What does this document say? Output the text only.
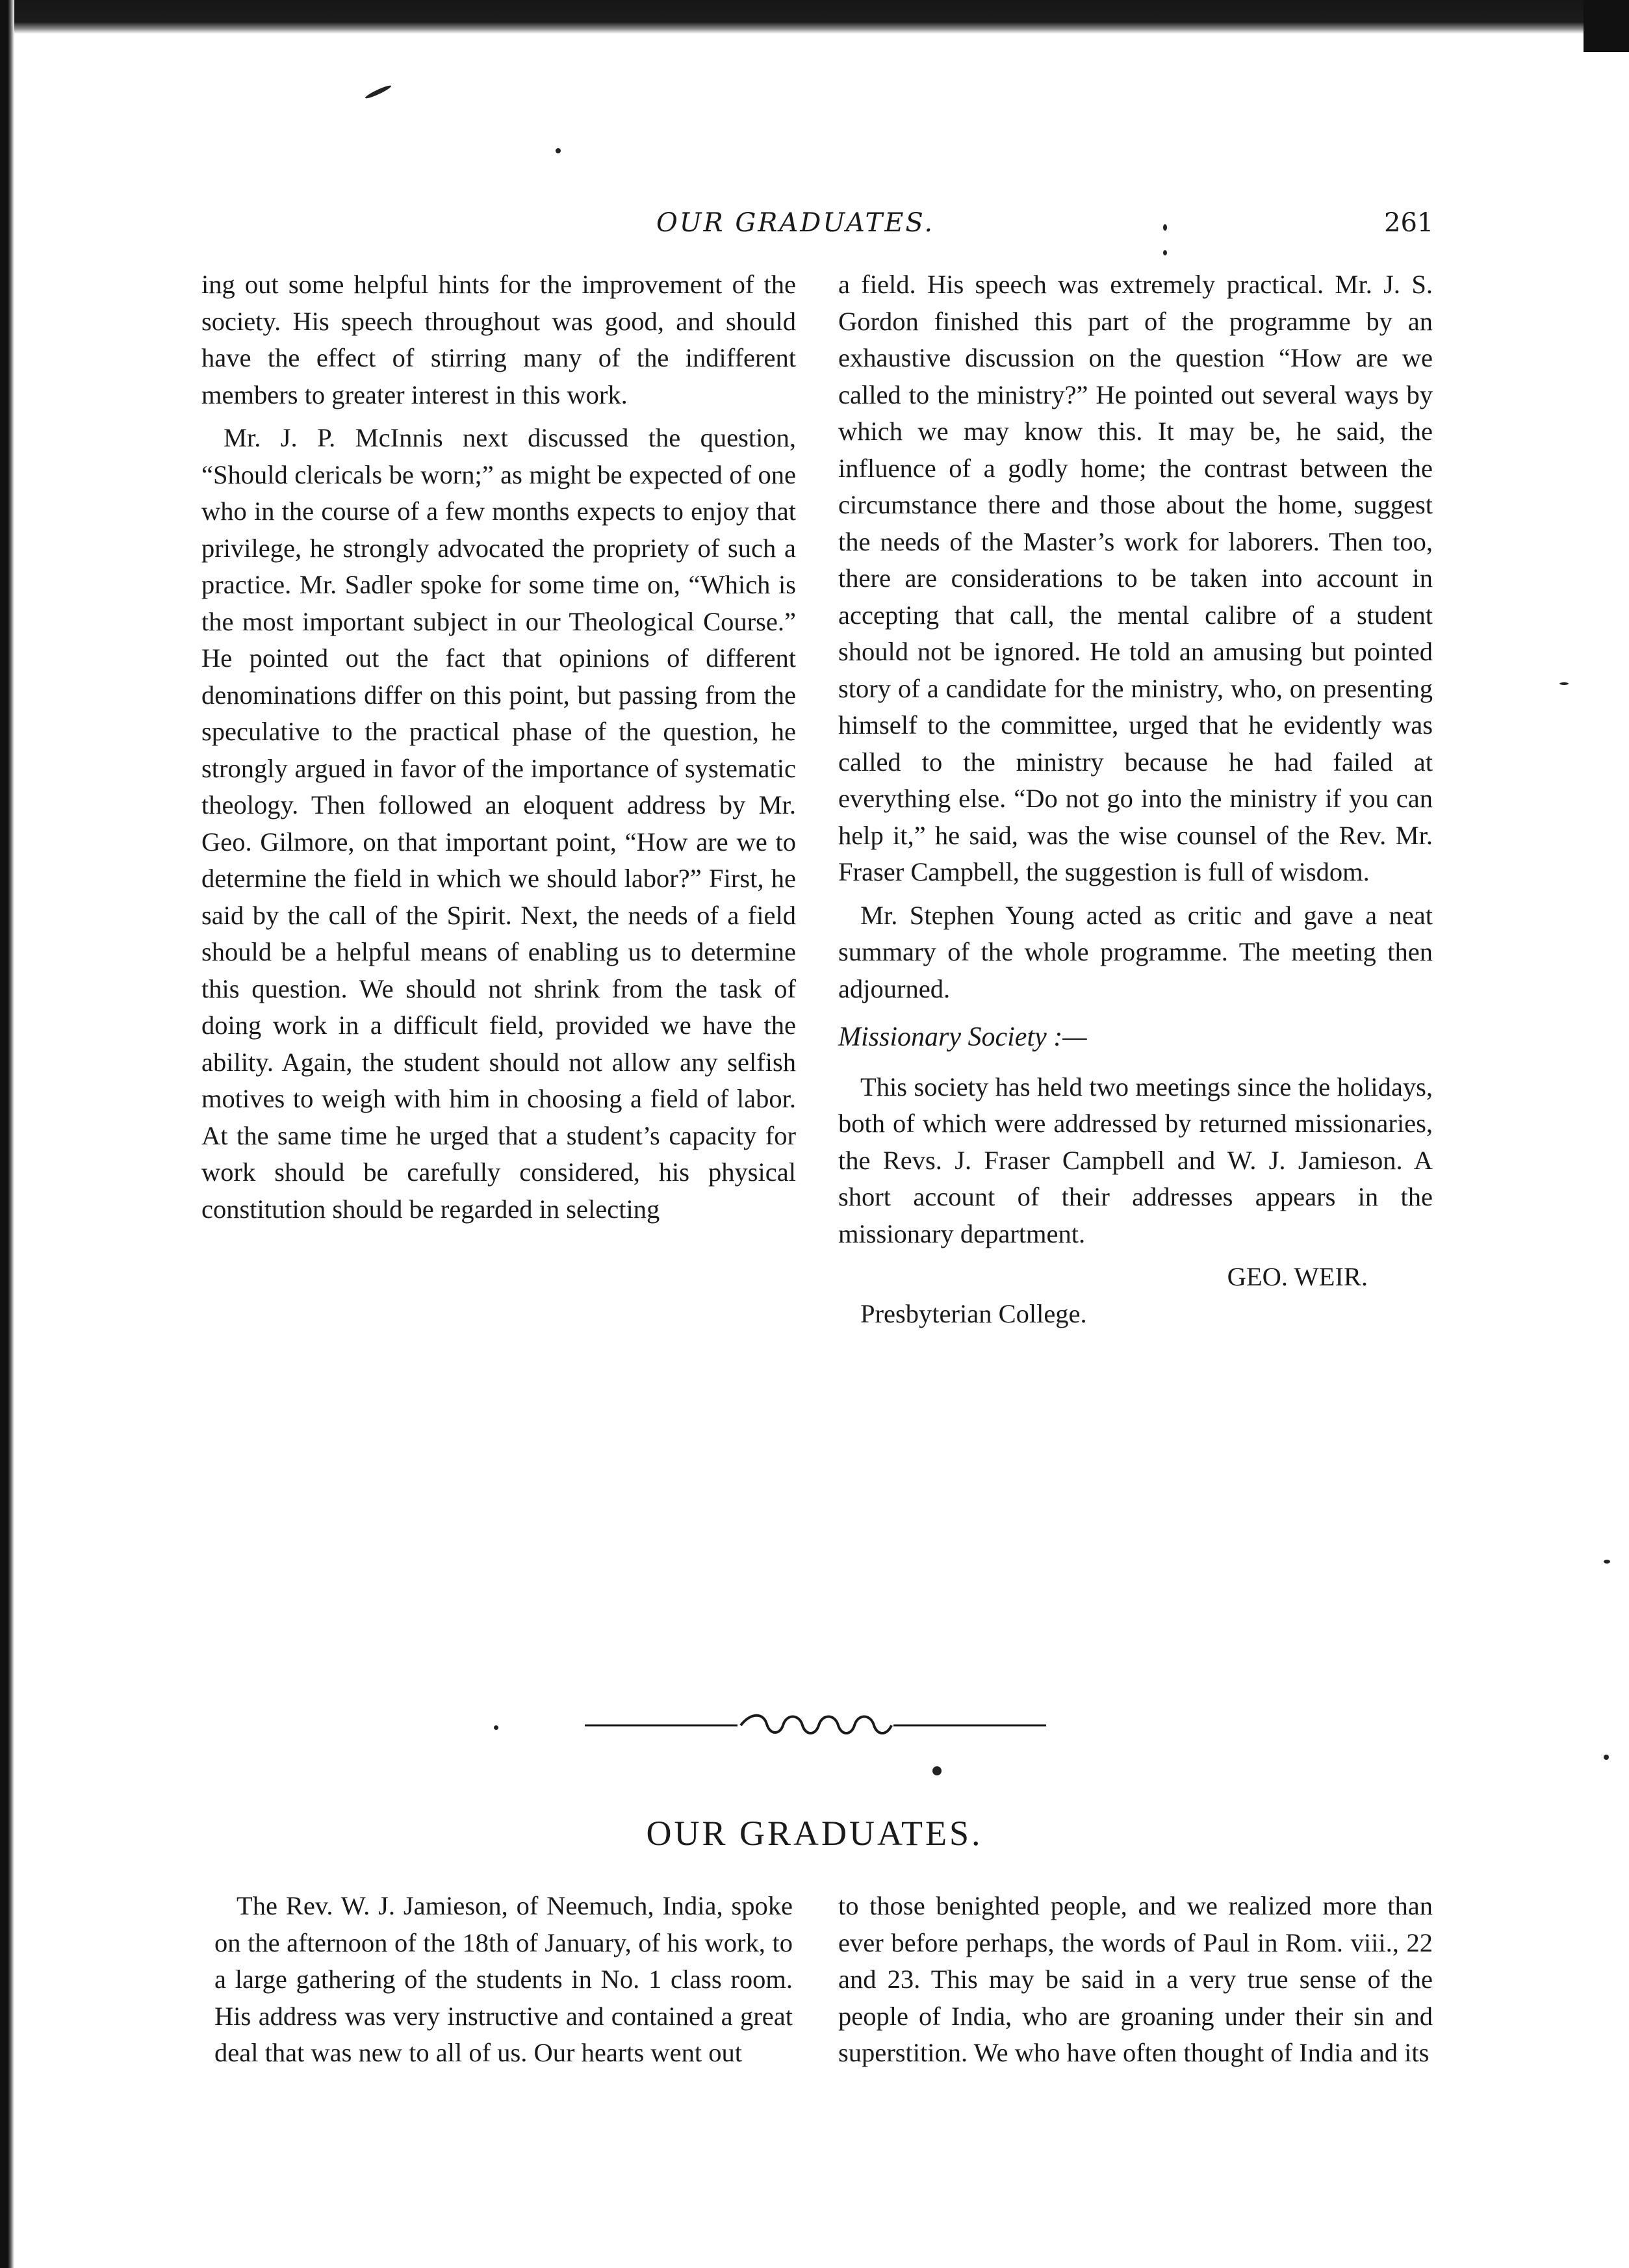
OUR GRADUATES.	261

ing out some helpful hints for the improvement of the society. His speech throughout was good, and should have the effect of stirring many of the indifferent members to greater interest in this work.

Mr. J. P. McInnis next discussed the question, “Should clericals be worn;” as might be expected of one who in the course of a few months expects to enjoy that privilege, he strongly advocated the propriety of such a practice. Mr. Sadler spoke for some time on, “Which is the most important subject in our Theological Course.” He pointed out the fact that opinions of different denominations differ on this point, but passing from the speculative to the practical phase of the question, he strongly argued in favor of the importance of systematic theology. Then followed an eloquent address by Mr. Geo. Gilmore, on that important point, “How are we to determine the field in which we should labor?” First, he said by the call of the Spirit. Next, the needs of a field should be a helpful means of enabling us to determine this question. We should not shrink from the task of doing work in a difficult field, provided we have the ability. Again, the student should not allow any selfish motives to weigh with him in choosing a field of labor. At the same time he urged that a student’s capacity for work should be carefully considered, his physical constitution should be regarded in selecting

a field. His speech was extremely practical. Mr. J. S. Gordon finished this part of the programme by an exhaustive discussion on the question “How are we called to the ministry?” He pointed out several ways by which we may know this. It may be, he said, the influence of a godly home; the contrast between the circumstance there and those about the home, suggest the needs of the Master’s work for laborers. Then too, there are considerations to be taken into account in accepting that call, the mental calibre of a student should not be ignored. He told an amusing but pointed story of a candidate for the ministry, who, on presenting himself to the committee, urged that he evidently was called to the ministry because he had failed at everything else. “Do not go into the ministry if you can help it,” he said, was the wise counsel of the Rev. Mr. Fraser Campbell, the suggestion is full of wisdom.

Mr. Stephen Young acted as critic and gave a neat summary of the whole programme. The meeting then adjourned.

Missionary Society :—

This society has held two meetings since the holidays, both of which were addressed by returned missionaries, the Revs. J. Fraser Campbell and W. J. Jamieson. A short account of their addresses appears in the missionary department.

GEO. WEIR.

Presbyterian College.

OUR GRADUATES.

The Rev. W. J. Jamieson, of Neemuch, India, spoke on the afternoon of the 18th of January, of his work, to a large gathering of the students in No. 1 class room. His address was very instructive and contained a great deal that was new to all of us. Our hearts went out

to those benighted people, and we realized more than ever before perhaps, the words of Paul in Rom. viii., 22 and 23. This may be said in a very true sense of the people of India, who are groaning under their sin and superstition. We who have often thought of India and its
